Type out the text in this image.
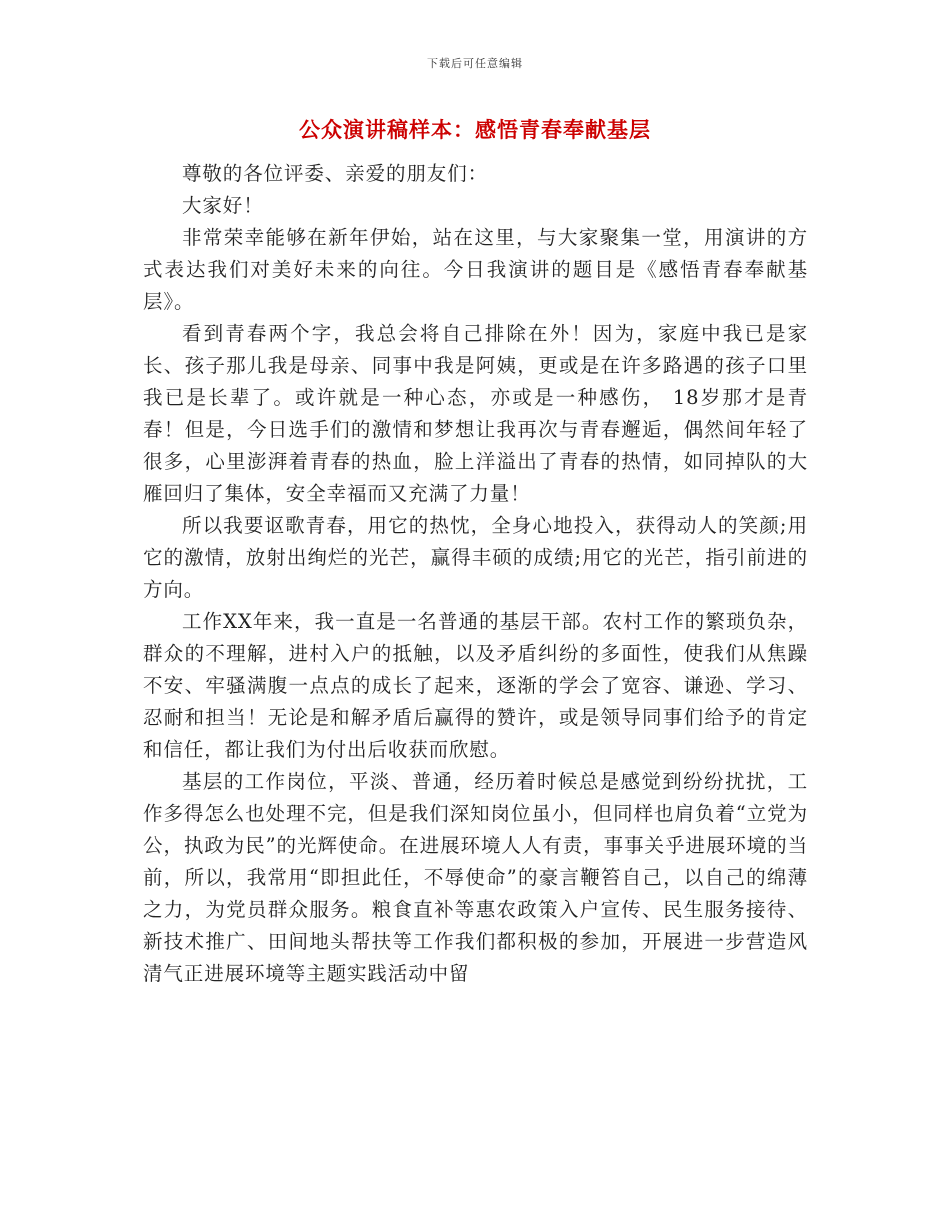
下载后可任意编辑
公众演讲稿样本：感悟青春奉献基层

尊敬的各位评委、亲爱的朋友们：

大家好！

非常荣幸能够在新年伊始，站在这里，与大家聚集一堂，用演讲的方式表达我们对美好未来的向往。今日我演讲的题目是《感悟青春奉献基层》。

看到青春两个字，我总会将自己排除在外！因为，家庭中我已是家长、孩子那儿我是母亲、同事中我是阿姨，更或是在许多路遇的孩子口里我已是长辈了。或许就是一种心态，亦或是一种感伤， 18岁那才是青春！但是，今日选手们的激情和梦想让我再次与青春邂逅，偶然间年轻了很多，心里澎湃着青春的热血，脸上洋溢出了青春的热情，如同掉队的大雁回归了集体，安全幸福而又充满了力量！

所以我要讴歌青春，用它的热忱，全身心地投入，获得动人的笑颜;用它的激情，放射出绚烂的光芒，赢得丰硕的成绩;用它的光芒，指引前进的方向。

工作XX年来，我一直是一名普通的基层干部。农村工作的繁琐负杂，群众的不理解，进村入户的抵触，以及矛盾纠纷的多面性，使我们从焦躁不安、牢骚满腹一点点的成长了起来，逐渐的学会了宽容、谦逊、学习、忍耐和担当！无论是和解矛盾后赢得的赞许，或是领导同事们给予的肯定和信任，都让我们为付出后收获而欣慰。

基层的工作岗位，平淡、普通，经历着时候总是感觉到纷纷扰扰，工作多得怎么也处理不完，但是我们深知岗位虽小，但同样也肩负着“立党为公，执政为民”的光辉使命。在进展环境人人有责，事事关乎进展环境的当前，所以，我常用“即担此任，不辱使命”的豪言鞭笞自己，以自己的绵薄之力，为党员群众服务。粮食直补等惠农政策入户宣传、民生服务接待、新技术推广、田间地头帮扶等工作我们都积极的参加，开展进一步营造风清气正进展环境等主题实践活动中留
